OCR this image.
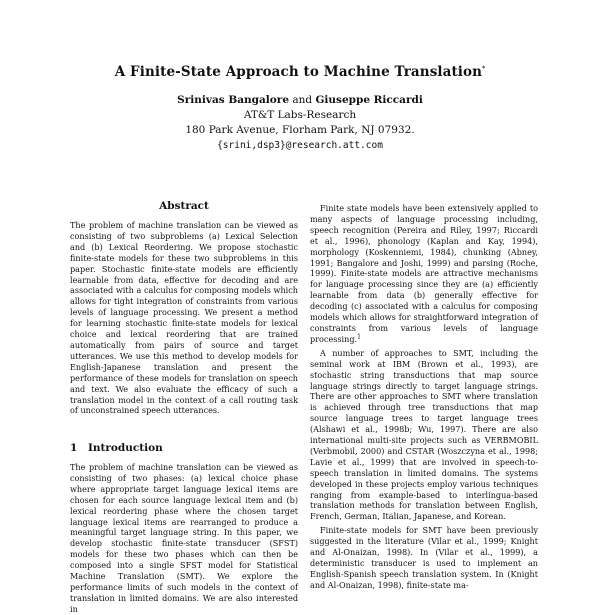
A Finite-State Approach to Machine Translation*
Srinivas Bangalore and Giuseppe Riccardi
AT&T Labs-Research
180 Park Avenue, Florham Park, NJ 07932.
{srini,dsp3}@research.att.com
Abstract

The problem of machine translation can be viewed as consisting of two subproblems (a) Lexical Selection and (b) Lexical Reordering. We propose stochastic finite-state models for these two subproblems in this paper. Stochastic finite-state models are efficiently learnable from data, effective for decoding and are associated with a calculus for composing models which allows for tight integration of constraints from various levels of language processing. We present a method for learning stochastic finite-state models for lexical choice and lexical reordering that are trained automatically from pairs of source and target utterances. We use this method to develop models for English-Japanese translation and present the performance of these models for translation on speech and text. We also evaluate the efficacy of such a translation model in the context of a call routing task of unconstrained speech utterances.

1 Introduction

The problem of machine translation can be viewed as consisting of two phases: (a) lexical choice phase where appropriate target language lexical items are chosen for each source language lexical item and (b) lexical reordering phase where the chosen target language lexical items are rearranged to produce a meaningful target language string. In this paper, we develop stochastic finite-state transducer (SFST) models for these two phases which can then be composed into a single SFST model for Statistical Machine Translation (SMT). We explore the performance limits of such models in the context of translation in limited domains. We are also interested in

Finite state models have been extensively applied to many aspects of language processing including, speech recognition (Pereira and Riley, 1997; Riccardi et al., 1996), phonology (Kaplan and Kay, 1994), morphology (Koskenniemi, 1984), chunking (Abney, 1991; Bangalore and Joshi, 1999) and parsing (Roche, 1999). Finite-state models are attractive mechanisms for language processing since they are (a) efficiently learnable from data (b) generally effective for decoding (c) associated with a calculus for composing models which allows for straightforward integration of constraints from various levels of language processing.$^1$

A number of approaches to SMT, including the seminal work at IBM (Brown et al., 1993), are stochastic string transductions that map source language strings directly to target language strings. There are other approaches to SMT where translation is achieved through tree transductions that map source language trees to target language trees (Alshawi et al., 1998b; Wu, 1997). There are also international multi-site projects such as VERBMOBIL (Verbmobil, 2000) and CSTAR (Woszczyna et al., 1998; Lavie et al., 1999) that are involved in speech-to-speech translation in limited domains. The systems developed in these projects employ various techniques ranging from example-based to interlingua-based translation methods for translation between English, French, German, Italian, Japanese, and Korean.

Finite-state models for SMT have been previously suggested in the literature (Vilar et al., 1999; Knight and Al-Onaizan, 1998). In (Vilar et al., 1999), a deterministic transducer is used to implement an English-Spanish speech translation system. In (Knight and Al-Onaizan, 1998), finite-state ma-
